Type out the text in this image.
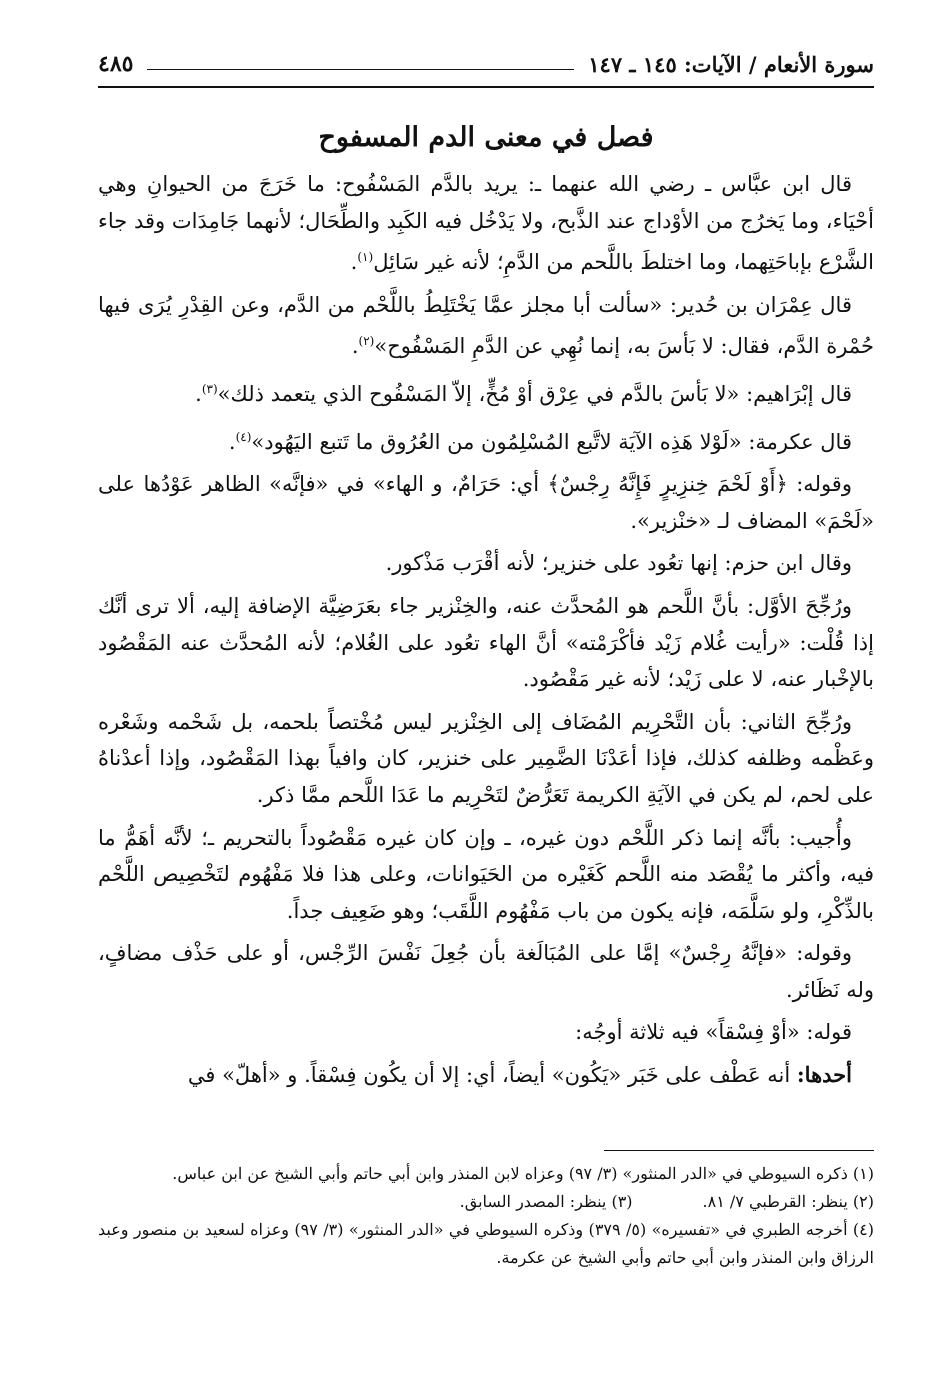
سورة الأنعام / الآيات: ١٤٥ ـ ١٤٧
٤٨٥
فصل في معنى الدم المسفوح

قال ابن عبَّاس ـ رضي الله عنهما ـ: يريد بالدَّم المَسْفُوح: ما خَرَجَ من الحيوانِ وهي أحْيَاء، وما يَخرُج من الأوْداج عند الذَّبح، ولا يَدْخُل فيه الكَبِد والطِّحَال؛ لأنهما جَامِدَات وقد جاء الشَّرْع بإباحَتِهما، وما اختلطَ باللَّحم من الدَّمِ؛ لأنه غير سَائِل$^{(١)}$.

قال عِمْرَان بن حُدير: «سألت أبا مجلز عمَّا يَخْتَلِطُ باللَّحْم من الدَّم، وعن القِدْرِ يُرَى فيها حُمْرة الدَّم، فقال: لا بَأسَ به، إنما نُهِي عن الدَّمِ المَسْفُوح»$^{(٢)}$.

قال إبْرَاهيم: «لا بَأسَ بالدَّم في عِرْق أوْ مُخٍّ، إلاّ المَسْفُوح الذي يتعمد ذلك»$^{(٣)}$.

قال عكرمة: «لَوْلا هَذِه الآيَة لاتَّبع المُسْلِمُون من العُرُوق ما تَتبع اليَهُود»$^{(٤)}$.

وقوله: ﴿أَوْ لَحْمَ خِنزِيرٍ فَإِنَّهُ رِجْسٌ﴾ أي: حَرَامٌ، و الهاء» في «فإنَّه» الظاهر عَوْدُها على «لَحْمَ» المضاف لـ «خنْزير».

وقال ابن حزم: إنها تعُود على خنزير؛ لأنه أقْرَب مَذْكور.

ورُجِّحَ الأوَّل: بأنَّ اللَّحم هو المُحدَّث عنه، والخِنْزير جاء بعَرَضِيَّة الإضافة إليه، ألا ترى أنَّك إذا قُلْت: «رأيت غُلام زَيْد فأكْرَمْته» أنَّ الهاء تعُود على الغُلام؛ لأنه المُحدَّث عنه المَقْصُود بالإخْبار عنه، لا على زَيْد؛ لأنه غير مَقْصُود.

ورُجِّحَ الثاني: بأن التَّحْرِيم المُضَاف إلى الخِنْزير ليس مُخْتصاً بلحمه، بل شَحْمه وشَعْره وعَظْمه وظلفه كذلك، فإذا أعَدْنَا الضَّمِير على خنزير، كان وافياً بهذا المَقْصُود، وإذا أعدْناهُ على لحم، لم يكن في الآيَةِ الكريمة تَعَرُّضٌ لتَحْرِيم ما عَدَا اللَّحم ممَّا ذكر.

وأُجيب: بأنَّه إنما ذكر اللَّحْم دون غيره، ـ وإن كان غيره مَقْصُوداً بالتحريم ـ؛ لأنَّه أهَمُّ ما فيه، وأكثر ما يُقْصَد منه اللَّحم كَغَيْره من الحَيَوانات، وعلى هذا فلا مَفْهُوم لتَخْصِيص اللَّحْم بالذِّكْرِ، ولو سَلَّمَه، فإنه يكون من باب مَفْهُوم اللَّقَب؛ وهو ضَعِيف جداً.

وقوله: «فإنَّهُ رِجْسٌ» إمَّا على المُبَالَغة بأن جُعِلَ نَفْسَ الرِّجْس، أو على حَذْف مضافٍ، وله نَظَائر.

قوله: «أوْ فِسْقاً» فيه ثلاثة أوجُه:

أحدها: أنه عَطْف على خَبَر «يَكُون» أيضاً، أي: إلا أن يكُون فِسْقاً. و «أهلّ» في

(١) ذكره السيوطي في «الدر المنثور» (٣/ ٩٧) وعزاه لابن المنذر وابن أبي حاتم وأبي الشيخ عن ابن عباس.

(٢) ينظر: القرطبي ٧/ ٨١.
(٣) ينظر: المصدر السابق.

(٤) أخرجه الطبري في «تفسيره» (٥/ ٣٧٩) وذكره السيوطي في «الدر المنثور» (٣/ ٩٧) وعزاه لسعيد بن منصور وعبد الرزاق وابن المنذر وابن أبي حاتم وأبي الشيخ عن عكرمة.
